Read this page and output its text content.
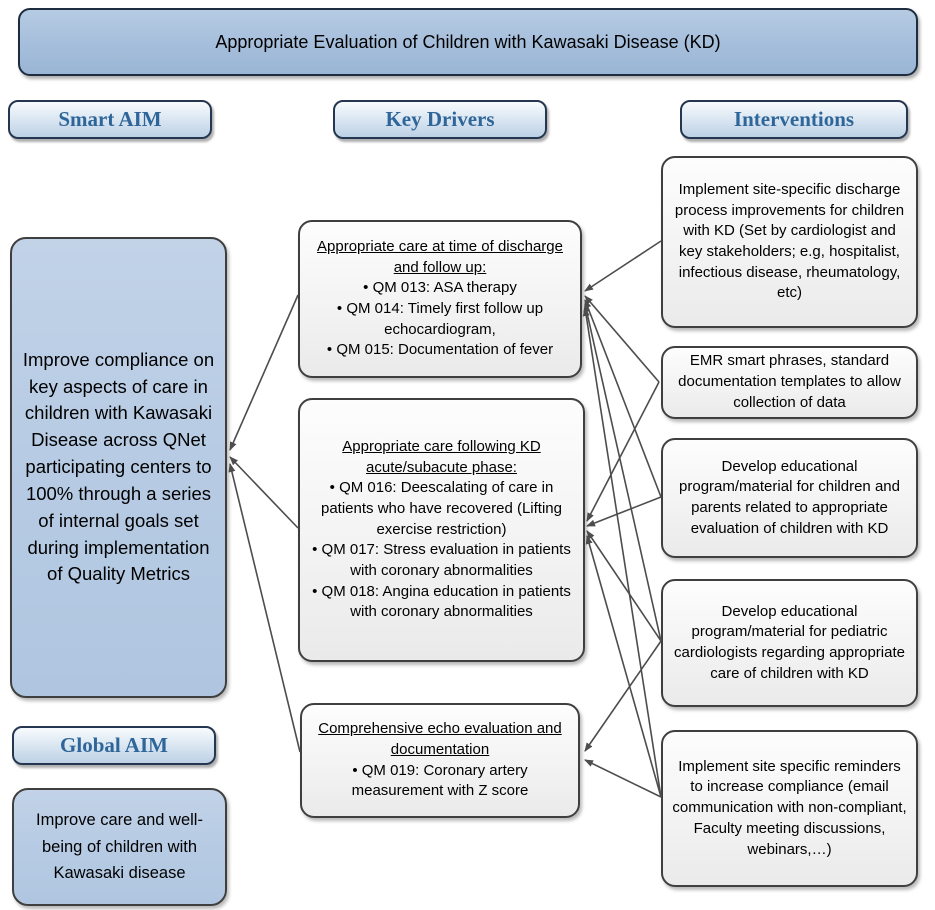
Appropriate Evaluation of Children with Kawasaki Disease (KD)
Smart AIM	Key Drivers	Interventions
Improve compliance on key aspects of care in children with Kawasaki Disease across QNet participating centers to 100% through a series of internal goals set during implementation of Quality Metrics
Global AIM
Improve care and well-being of children with Kawasaki disease
Appropriate care at time of discharge and follow up:
• QM 013: ASA therapy
• QM 014: Timely first follow up echocardiogram,
• QM 015: Documentation of fever
Appropriate care following KD acute/subacute phase:
• QM 016: Deescalating of care in patients who have recovered (Lifting exercise restriction)
• QM 017: Stress evaluation in patients with coronary abnormalities
• QM 018: Angina education in patients with coronary abnormalities
Comprehensive echo evaluation and documentation
• QM 019: Coronary artery measurement with Z score
Implement site-specific discharge process improvements for children with KD (Set by cardiologist and key stakeholders; e.g, hospitalist, infectious disease, rheumatology, etc)
EMR smart phrases, standard documentation templates to allow collection of data
Develop educational program/material for children and parents related to appropriate evaluation of children with KD
Develop educational program/material for pediatric cardiologists regarding appropriate care of children with KD
Implement site specific reminders to increase compliance (email communication with non-compliant, Faculty meeting discussions, webinars,…)
